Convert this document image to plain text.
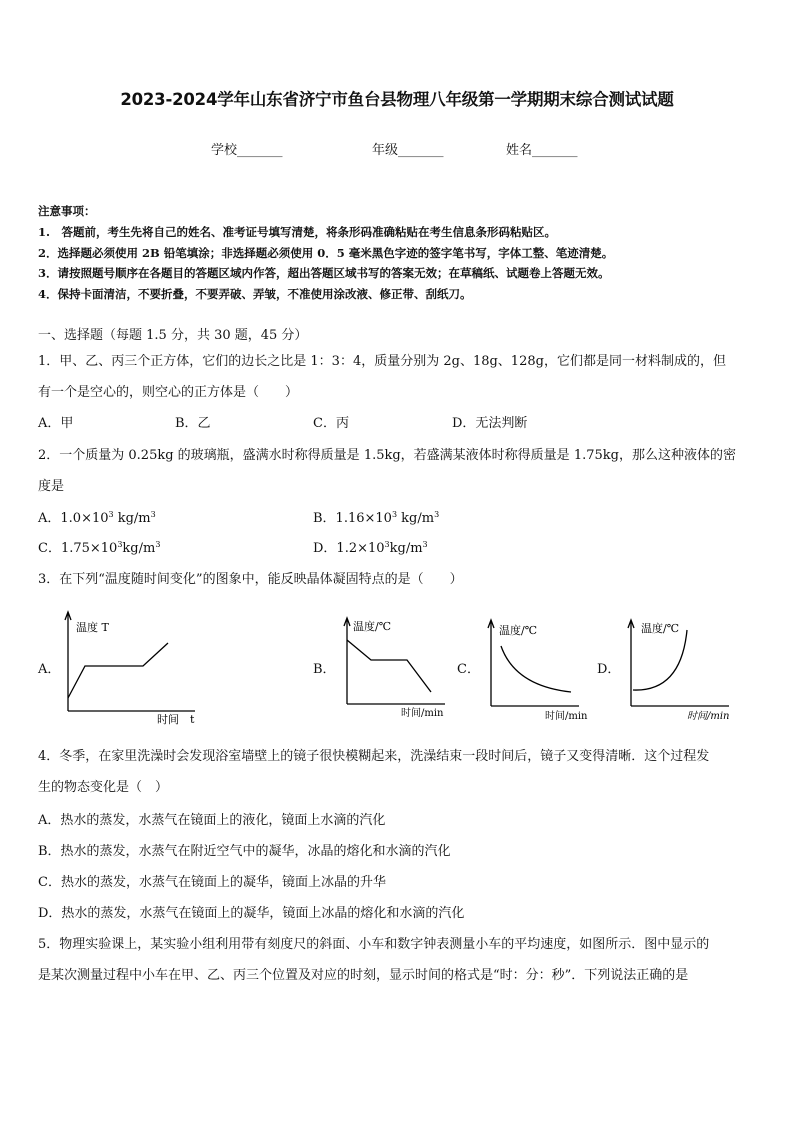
2023-2024学年山东省济宁市鱼台县物理八年级第一学期期末综合测试试题
学校_______	年级_______	姓名_______
注意事项：
1.　答题前，考生先将自己的姓名、准考证号填写清楚，将条形码准确粘贴在考生信息条形码粘贴区。
2．选择题必须使用 2B 铅笔填涂；非选择题必须使用 0．5 毫米黑色字迹的签字笔书写，字体工整、笔迹清楚。
3．请按照题号顺序在各题目的答题区域内作答，超出答题区域书写的答案无效；在草稿纸、试题卷上答题无效。
4．保持卡面清洁，不要折叠，不要弄破、弄皱，不准使用涂改液、修正带、刮纸刀。
一、选择题（每题 1.5 分，共 30 题，45 分）
1．甲、乙、丙三个正方体，它们的边长之比是 1：3：4，质量分别为 2g、18g、128g，它们都是同一材料制成的，但
有一个是空心的，则空心的正方体是（　　）
A．甲	B．乙	C．丙	D．无法判断
2．一个质量为 0.25kg 的玻璃瓶，盛满水时称得质量是 1.5kg，若盛满某液体时称得质量是 1.75kg，那么这种液体的密
度是
A．$1.0\times 10^3$ $kg/m^3$	B．$1.16\times 10^3$ $kg/m^3$
C．$1.75\times 10^3kg/m^3$	D．$1.2\times 10^3kg/m^3$
3．在下列“温度随时间变化”的图象中，能反映晶体凝固特点的是（　　）
A．
温度 T
时间　t
B．
温度/℃
时间/min
C．
温度/℃
时间/min
D．
温度/℃
时间/min
4．冬季，在家里洗澡时会发现浴室墙壁上的镜子很快模糊起来，洗澡结束一段时间后，镜子又变得清晰．这个过程发
生的物态变化是（　）
A．热水的蒸发，水蒸气在镜面上的液化，镜面上水滴的汽化
B．热水的蒸发，水蒸气在附近空气中的凝华，冰晶的熔化和水滴的汽化
C．热水的蒸发，水蒸气在镜面上的凝华，镜面上冰晶的升华
D．热水的蒸发，水蒸气在镜面上的凝华，镜面上冰晶的熔化和水滴的汽化
5．物理实验课上，某实验小组利用带有刻度尺的斜面、小车和数字钟表测量小车的平均速度，如图所示．图中显示的
是某次测量过程中小车在甲、乙、丙三个位置及对应的时刻，显示时间的格式是“时：分：秒”．下列说法正确的是
